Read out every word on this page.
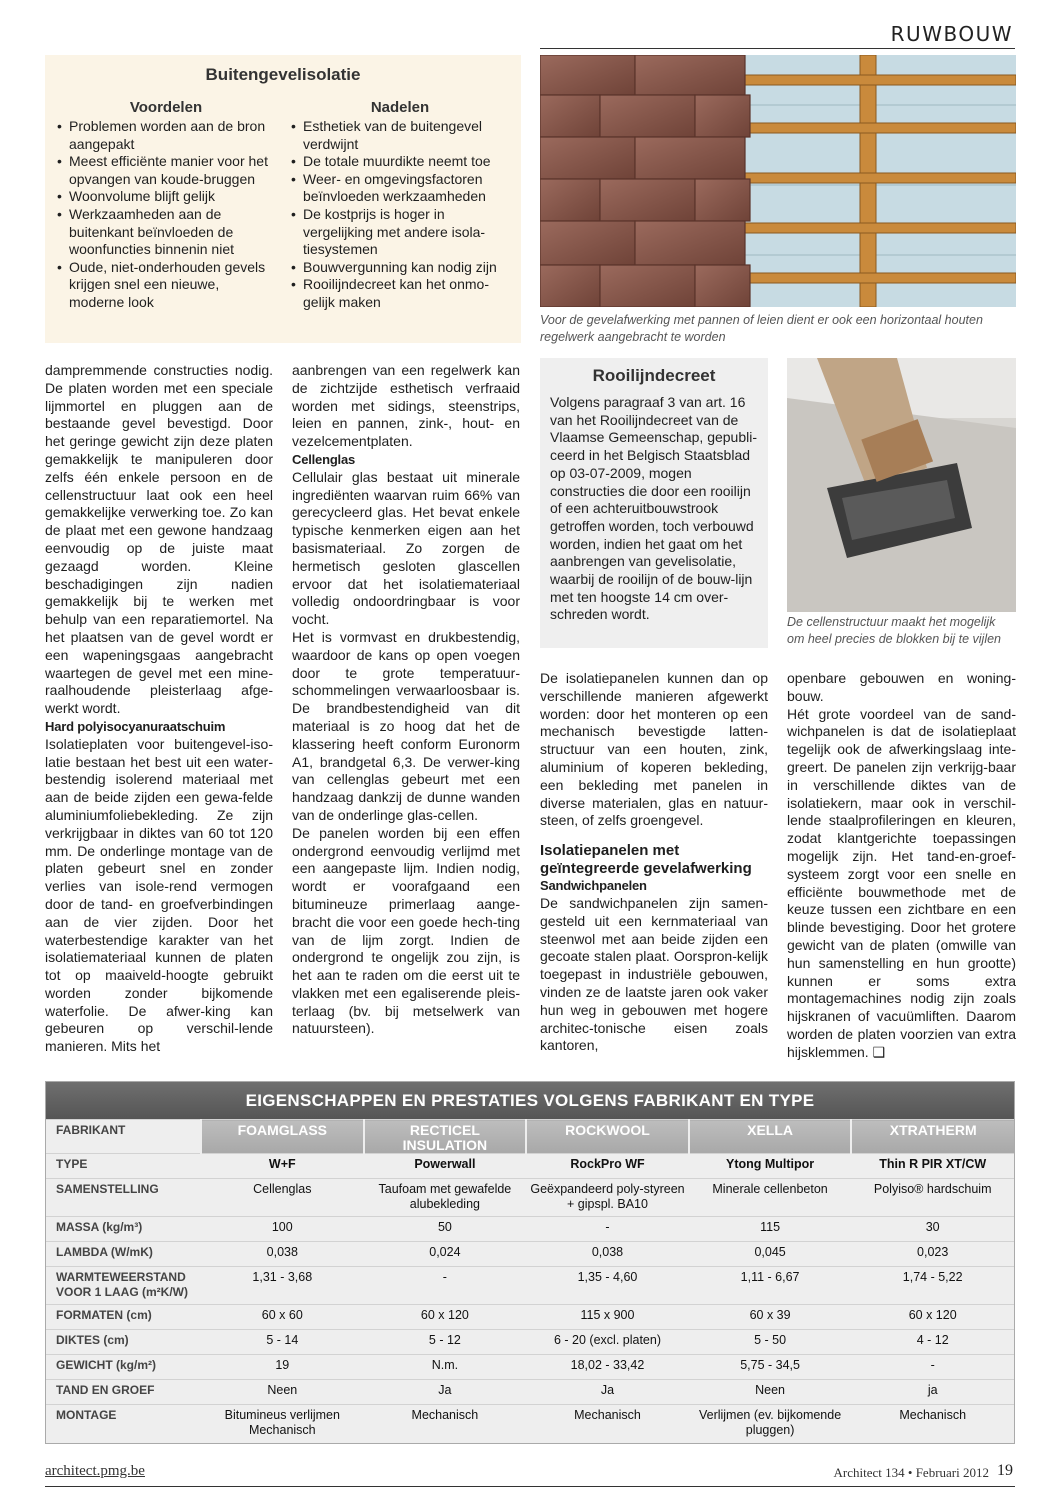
RUWBOUW
Buitengevelisolatie
Voordelen
• Problemen worden aan de bron aangepakt
• Meest efficiënte manier voor het opvangen van koude-bruggen
• Woonvolume blijft gelijk
• Werkzaamheden aan de buitenkant beïnvloeden de woonfuncties binnenin niet
• Oude, niet-onderhouden gevels krijgen snel een nieuwe, moderne look
Nadelen
• Esthetiek van de buitengevel verdwijnt
• De totale muurdikte neemt toe
• Weer- en omgevingsfactoren beïnvloeden werkzaamheden
• De kostprijs is hoger in vergelijking met andere isola-tiesystemen
• Bouwvergunning kan nodig zijn
• Rooilijndecreet kan het onmo-gelijk maken
Voor de gevelafwerking met pannen of leien dient er ook een horizontaal houten regelwerk aangebracht te worden
Rooilijndecreet
Volgens paragraaf 3 van art. 16 van het Rooilijndecreet van de Vlaamse Gemeenschap, gepubli-ceerd in het Belgisch Staatsblad op 03-07-2009, mogen constructies die door een rooilijn of een achteruitbouwstrook getroffen worden, toch verbouwd worden, indien het gaat om het aanbrengen van gevelisolatie, waarbij de rooilijn of de bouw-lijn met ten hoogste 14 cm over-schreden wordt.	De cellenstructuur maakt het mogelijk om heel precies de blokken bij te vijlen

dampremmende constructies nodig. De platen worden met een speciale lijmmortel en pluggen aan de bestaande gevel bevestigd. Door het geringe gewicht zijn deze platen gemakkelijk te manipuleren door zelfs één enkele persoon en de cellenstructuur laat ook een heel gemakkelijke verwerking toe. Zo kan de plaat met een gewone handzaag eenvoudig op de juiste maat gezaagd worden. Kleine beschadigingen zijn nadien gemakkelijk bij te werken met behulp van een reparatiemortel. Na het plaatsen van de gevel wordt er een wapeningsgaas aangebracht waartegen de gevel met een mine-raalhoudende pleisterlaag afge-werkt wordt.

Hard polyisocyanuraatschuim

Isolatieplaten voor buitengevel-iso-latie bestaan het best uit een water-bestendig isolerend materiaal met aan de beide zijden een gewa-felde aluminiumfoliebekleding. Ze zijn verkrijgbaar in diktes van 60 tot 120 mm. De onderlinge montage van de platen gebeurt snel en zonder verlies van isole-rend vermogen door de tand- en groefverbindingen aan de vier zijden. Door het waterbestendige karakter van het isolatiemateriaal kunnen de platen tot op maaiveld-hoogte gebruikt worden zonder bijkomende waterfolie. De afwer-king kan gebeuren op verschil-lende manieren. Mits het

aanbrengen van een regelwerk kan de zichtzijde esthetisch verfraaid worden met sidings, steenstrips, leien en pannen, zink-, hout- en vezelcementplaten.

Cellenglas

Cellulair glas bestaat uit minerale ingrediënten waarvan ruim 66% van gerecycleerd glas. Het bevat enkele typische kenmerken eigen aan het basismateriaal. Zo zorgen de hermetisch gesloten glascellen ervoor dat het isolatiemateriaal volledig ondoordringbaar is voor vocht.

Het is vormvast en drukbestendig, waardoor de kans op open voegen door te grote temperatuur-schommelingen verwaarloosbaar is. De brandbestendigheid van dit materiaal is zo hoog dat het de klassering heeft conform Euronorm A1, brandgetal 6,3. De verwer-king van cellenglas gebeurt met een handzaag dankzij de dunne wanden van de onderlinge glas-cellen.

De panelen worden bij een effen ondergrond eenvoudig verlijmd met een aangepaste lijm. Indien nodig, wordt er voorafgaand een bitumineuze primerlaag aange-bracht die voor een goede hech-ting van de lijm zorgt. Indien de ondergrond te ongelijk zou zijn, is het aan te raden om die eerst uit te vlakken met een egaliserende pleis-terlaag (bv. bij metselwerk van natuursteen).

De isolatiepanelen kunnen dan op verschillende manieren afgewerkt worden: door het monteren op een mechanisch bevestigde latten-structuur van een houten, zink, aluminium of koperen bekleding, een bekleding met panelen in diverse materialen, glas en natuur-steen, of zelfs groengevel.

Isolatiepanelen met geïntegreerde gevelafwerking

Sandwichpanelen

De sandwichpanelen zijn samen-gesteld uit een kernmateriaal van steenwol met aan beide zijden een gecoate stalen plaat. Oorspron-kelijk toegepast in industriële gebouwen, vinden ze de laatste jaren ook vaker hun weg in gebouwen met hogere architec-tonische eisen zoals kantoren,

openbare gebouwen en woning-bouw.

Hét grote voordeel van de sand-wichpanelen is dat de isolatieplaat tegelijk ook de afwerkingslaag inte-greert. De panelen zijn verkrijg-baar in verschillende diktes van de isolatiekern, maar ook in verschil-lende staalprofileringen en kleuren, zodat klantgerichte toepassingen mogelijk zijn. Het tand-en-groef-systeem zorgt voor een snelle en efficiënte bouwmethode met de keuze tussen een zichtbare en een blinde bevestiging. Door het grotere gewicht van de platen (omwille van hun samenstelling en hun grootte) kunnen er soms extra montagemachines nodig zijn zoals hijskranen of vacuümliften. Daarom worden de platen voorzien van extra hijsklemmen. ❑

EIGENSCHAPPEN EN PRESTATIES VOLGENS FABRIKANT EN TYPE
FABRIKANT	FOAMGLASS	RECTICEL INSULATION	ROCKWOOL	XELLA	XTRATHERM
TYPE	W+F	Powerwall	RockPro WF	Ytong Multipor	Thin R PIR XT/CW
SAMENSTELLING	Cellenglas	Taufoam met gewafelde alubekleding	Geëxpandeerd poly-styreen + gipspl. BA10	Minerale cellenbeton	Polyiso® hardschuim
MASSA (kg/m³)	100	50	-	115	30
LAMBDA (W/mK)	0,038	0,024	0,038	0,045	0,023
WARMTEWEERSTAND VOOR 1 LAAG (m²K/W)	1,31 - 3,68	-	1,35 - 4,60	1,11 - 6,67	1,74 - 5,22
FORMATEN (cm)	60 x 60	60 x 120	115 x 900	60 x 39	60 x 120
DIKTES (cm)	5 - 14	5 - 12	6 - 20 (excl. platen)	5 - 50	4 - 12
GEWICHT (kg/m²)	19	N.m.	18,02 - 33,42	5,75 - 34,5	-
TAND EN GROEF	Neen	Ja	Ja	Neen	ja
MONTAGE	Bitumineus verlijmen Mechanisch	Mechanisch	Mechanisch	Verlijmen (ev. bijkomende pluggen)	Mechanisch
architect.pmg.be	Architect 134 • Februari 2012 19
